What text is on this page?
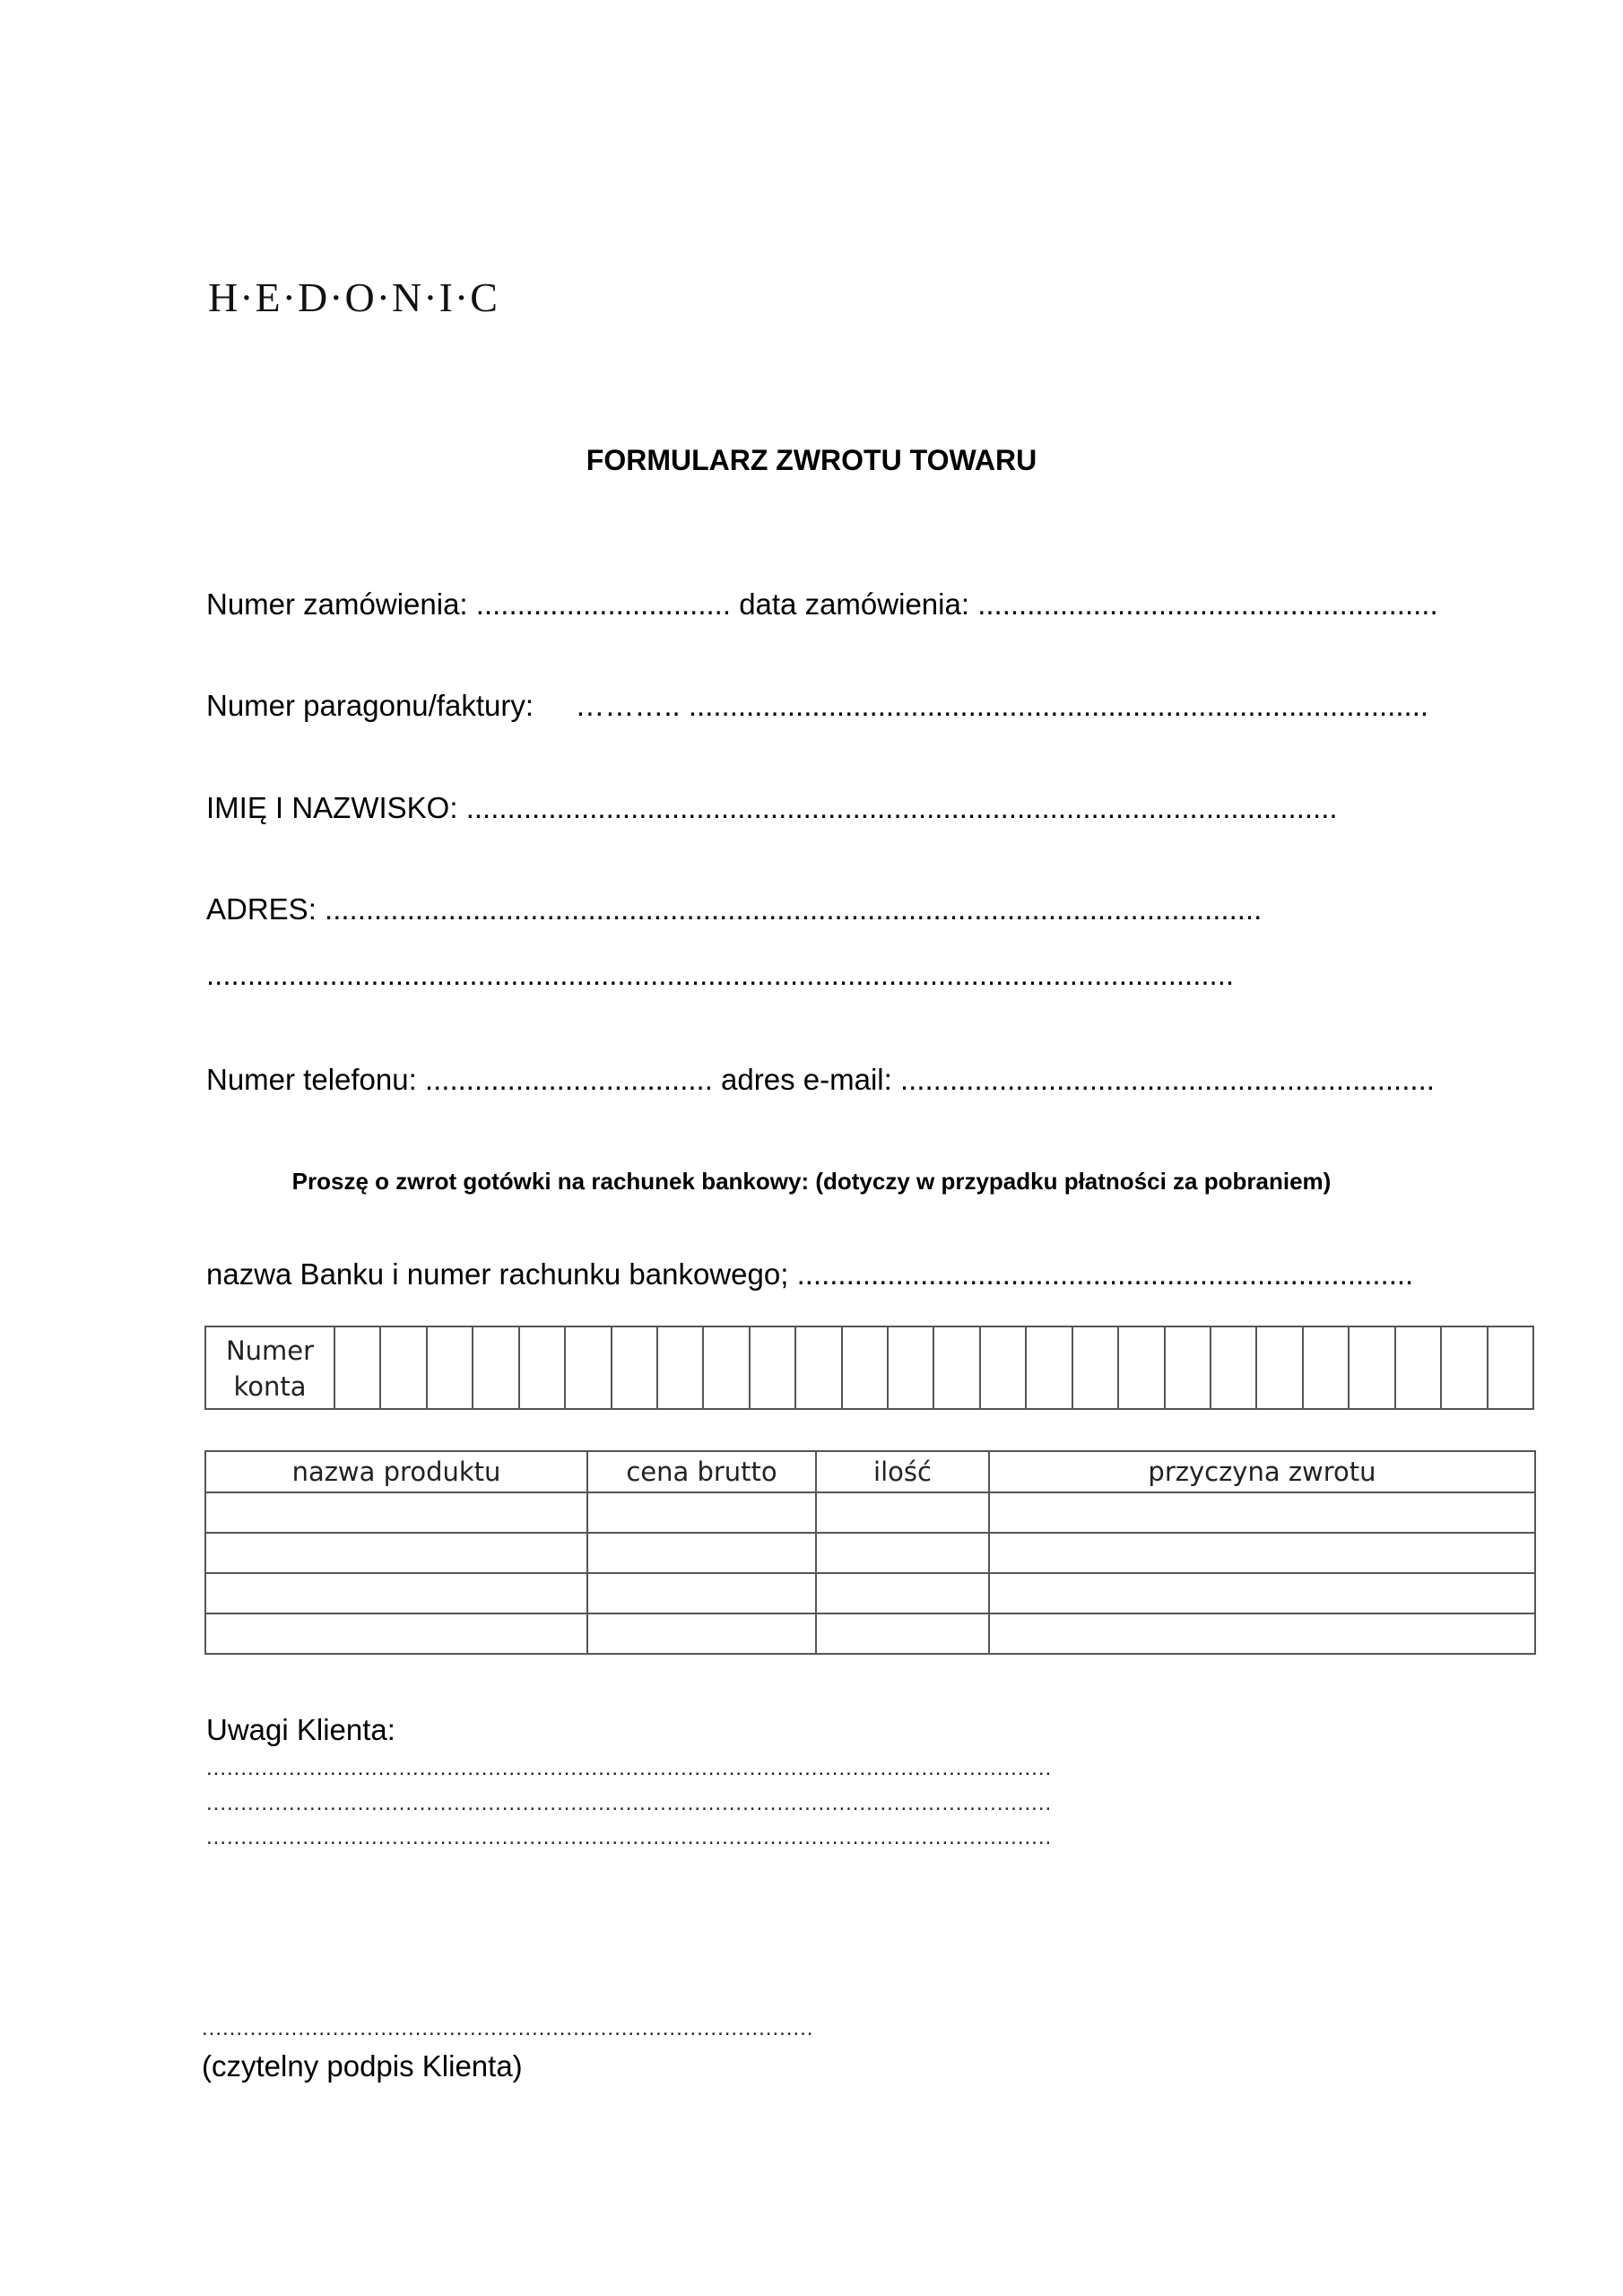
H·E·D·O·N·I·C
FORMULARZ ZWROTU TOWARU
Numer zamówienia: ............................... data zamówienia: ........................................................
Numer paragonu/faktury: ……….. ..........................................................................................
IMIĘ I NAZWISKO: ..........................................................................................................
ADRES: ..................................................................................................................
.............................................................................................................................
Numer telefonu: ................................... adres e-mail: .................................................................
Proszę o zwrot gotówki na rachunek bankowy: (dotyczy w przypadku płatności za pobraniem)
nazwa Banku i numer rachunku bankowego; ...........................................................................
Numer konta
nazwa produktu	cena brutto	ilość	przyczyna zwrotu

Uwagi Klienta:
...........................................................................................................................
...........................................................................................................................
...........................................................................................................................
.........................................................................................
(czytelny podpis Klienta)
